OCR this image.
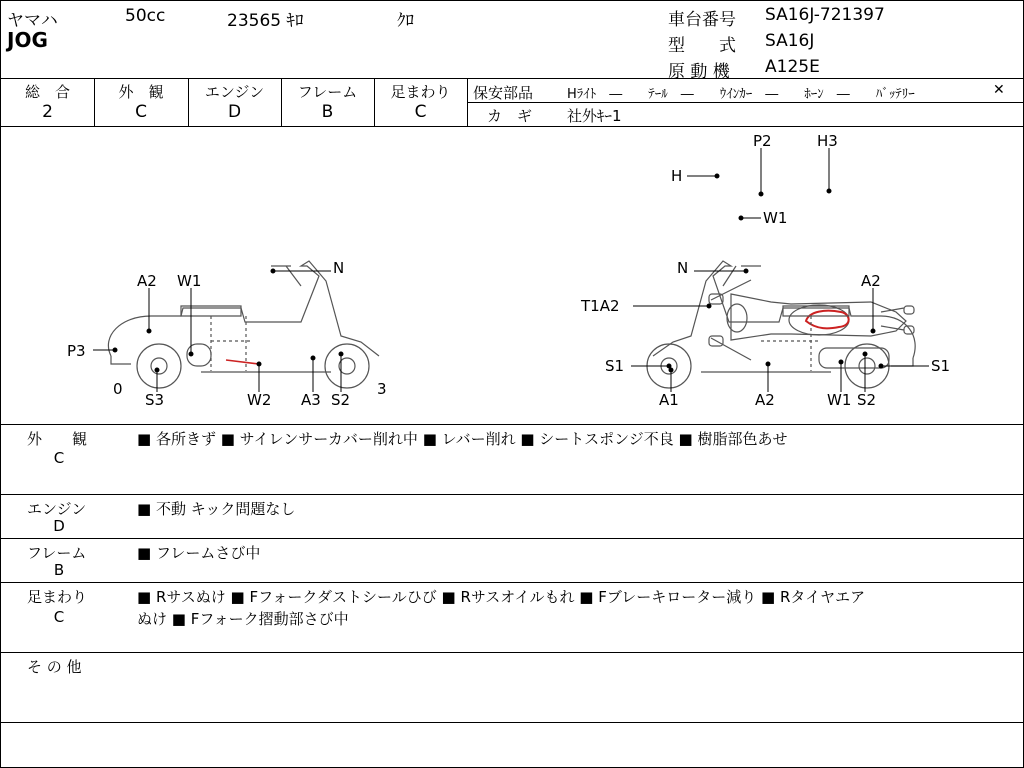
ヤマハ	50cc	23565 ｷﾛ	ｸﾛ
JOG
車台番号 SA16J-721397
型　　式 SA16J
原 動 機 A125E
総　合
2
外　観
C
エンジン
D
フレーム
B
足まわり
C
保安部品	Hﾗｲﾄ　―　　ﾃｰﾙ　―　　ｳｲﾝｶｰ　―　　ﾎｰﾝ　―　　ﾊﾞｯﾃﾘｰ	✕
カ　ギ 社外ｷｰ1
P2	H3
H
W1
A2 W1
N
P3
0
S3	W2 A3 S2
3
N
A2
T1A2
S1	S1
A1	A2	W1 S2
外　　観
C
■ 各所きず ■ サイレンサーカバー削れ中 ■ レバー削れ ■ シートスポンジ不良 ■ 樹脂部色あせ
エンジン
D
■ 不動 キック問題なし
フレーム
B
■ フレームさび中
足まわり
C
■ Rサスぬけ ■ Fフォークダストシールひび ■ Rサスオイルもれ ■ Fブレーキローター減り ■ Rタイヤエア
ぬけ ■ Fフォーク摺動部さび中
そ の 他
